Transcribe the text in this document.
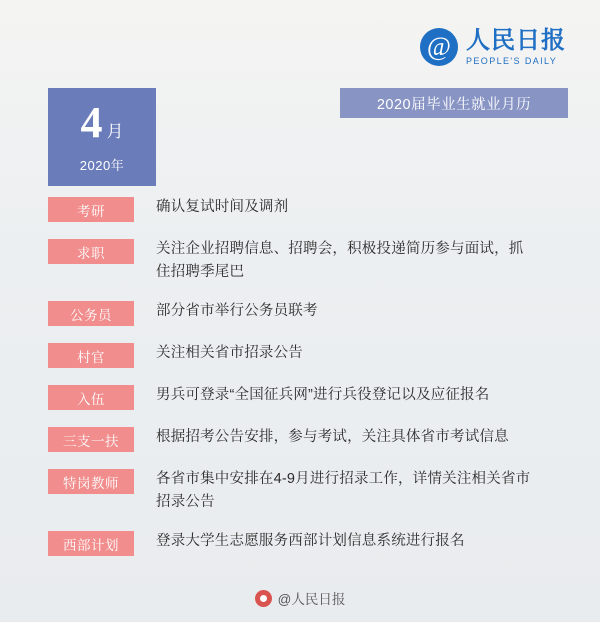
@
人民日报
PEOPLE'S DAILY
2020届毕业生就业月历
4 月
2020年
考研	确认复试时间及调剂
求职	关注企业招聘信息、招聘会，积极投递简历参与面试，抓住招聘季尾巴
公务员	部分省市举行公务员联考
村官	关注相关省市招录公告
入伍	男兵可登录“全国征兵网”进行兵役登记以及应征报名
三支一扶	根据招考公告安排，参与考试，关注具体省市考试信息
特岗教师	各省市集中安排在4-9月进行招录工作，详情关注相关省市招录公告
西部计划	登录大学生志愿服务西部计划信息系统进行报名
@人民日报
